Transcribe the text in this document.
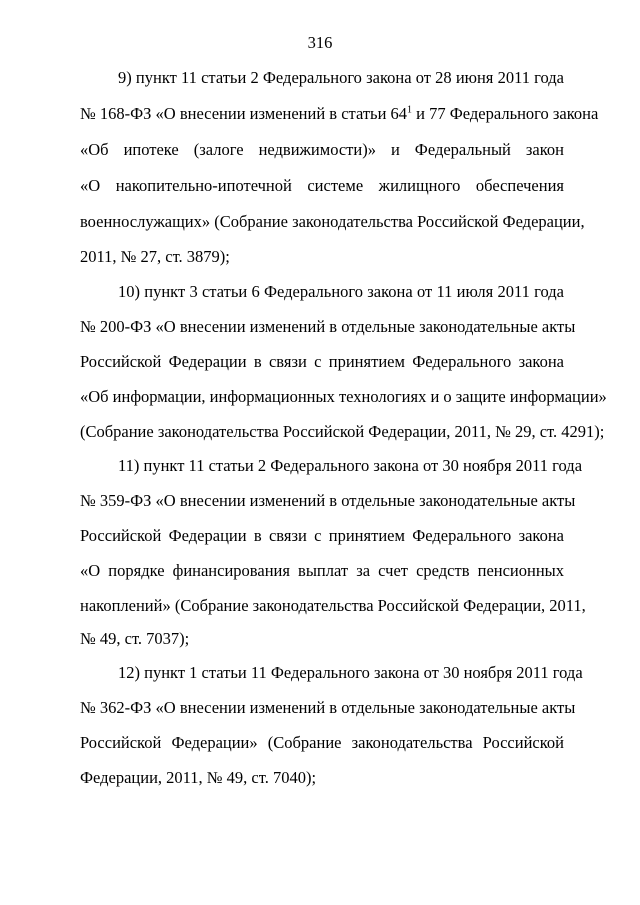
316
9) пункт 11 статьи 2 Федерального закона от 28 июня 2011 года
№ 168-ФЗ «О внесении изменений в статьи $64^1$ и 77 Федерального закона
«Об ипотеке (залоге недвижимости)» и Федеральный закон
«О накопительно-ипотечной системе жилищного обеспечения
военнослужащих» (Собрание законодательства Российской Федерации,
2011, № 27, ст. 3879);
10) пункт 3 статьи 6 Федерального закона от 11 июля 2011 года
№ 200-ФЗ «О внесении изменений в отдельные законодательные акты
Российской Федерации в связи с принятием Федерального закона
«Об информации, информационных технологиях и о защите информации»
(Собрание законодательства Российской Федерации, 2011, № 29, ст. 4291);
11) пункт 11 статьи 2 Федерального закона от 30 ноября 2011 года
№ 359-ФЗ «О внесении изменений в отдельные законодательные акты
Российской Федерации в связи с принятием Федерального закона
«О порядке финансирования выплат за счет средств пенсионных
накоплений» (Собрание законодательства Российской Федерации, 2011,
№ 49, ст. 7037);
12) пункт 1 статьи 11 Федерального закона от 30 ноября 2011 года
№ 362-ФЗ «О внесении изменений в отдельные законодательные акты
Российской Федерации» (Собрание законодательства Российской
Федерации, 2011, № 49, ст. 7040);
